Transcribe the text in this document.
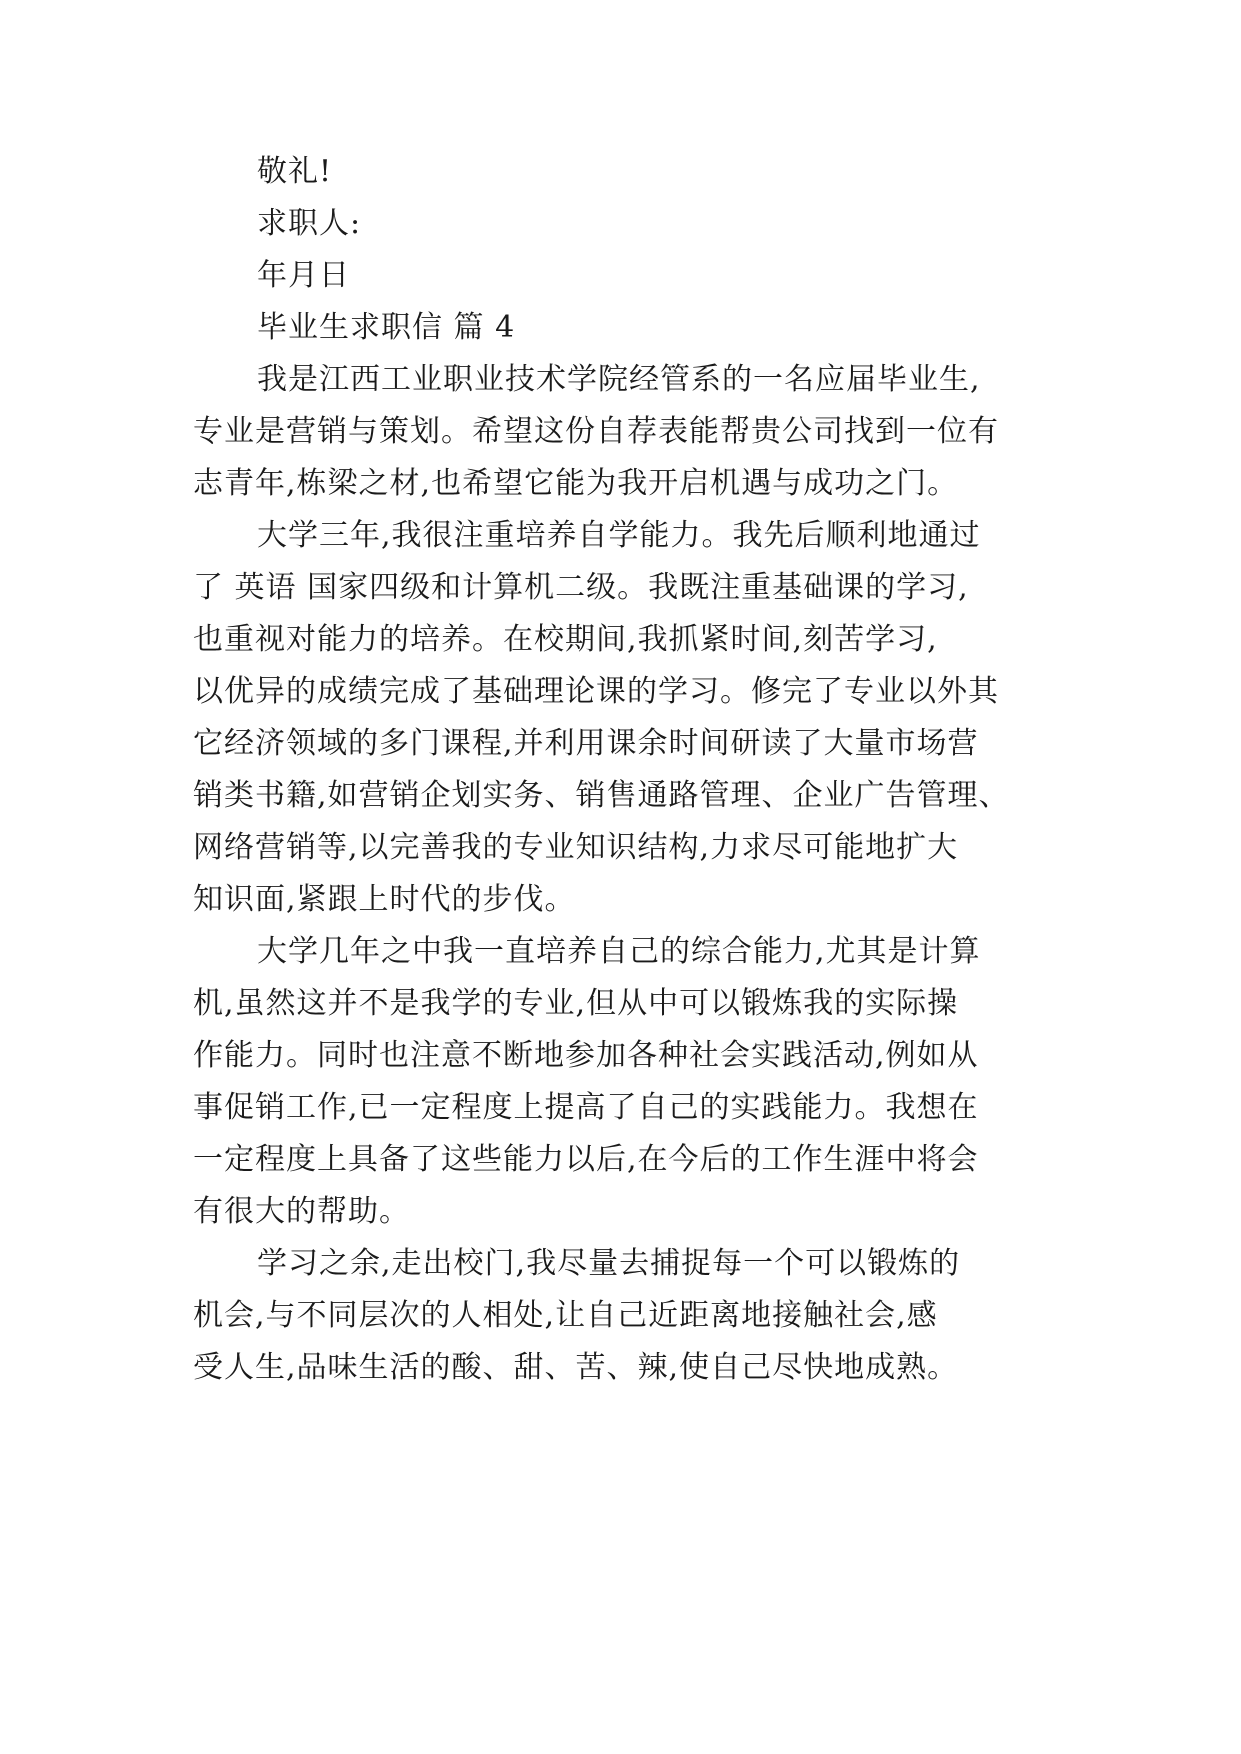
敬礼!
求职人:
年月日
毕业生求职信 篇 4
我是江西工业职业技术学院经管系的一名应届毕业生,
专业是营销与策划。希望这份自荐表能帮贵公司找到一位有
志青年,栋梁之材,也希望它能为我开启机遇与成功之门。
大学三年,我很注重培养自学能力。我先后顺利地通过
了 英语 国家四级和计算机二级。我既注重基础课的学习,
也重视对能力的培养。在校期间,我抓紧时间,刻苦学习,
以优异的成绩完成了基础理论课的学习。修完了专业以外其
它经济领域的多门课程,并利用课余时间研读了大量市场营
销类书籍,如营销企划实务、销售通路管理、企业广告管理、
网络营销等,以完善我的专业知识结构,力求尽可能地扩大
知识面,紧跟上时代的步伐。
大学几年之中我一直培养自己的综合能力,尤其是计算
机,虽然这并不是我学的专业,但从中可以锻炼我的实际操
作能力。同时也注意不断地参加各种社会实践活动,例如从
事促销工作,已一定程度上提高了自己的实践能力。我想在
一定程度上具备了这些能力以后,在今后的工作生涯中将会
有很大的帮助。
学习之余,走出校门,我尽量去捕捉每一个可以锻炼的
机会,与不同层次的人相处,让自己近距离地接触社会,感
受人生,品味生活的酸、甜、苦、辣,使自己尽快地成熟。
